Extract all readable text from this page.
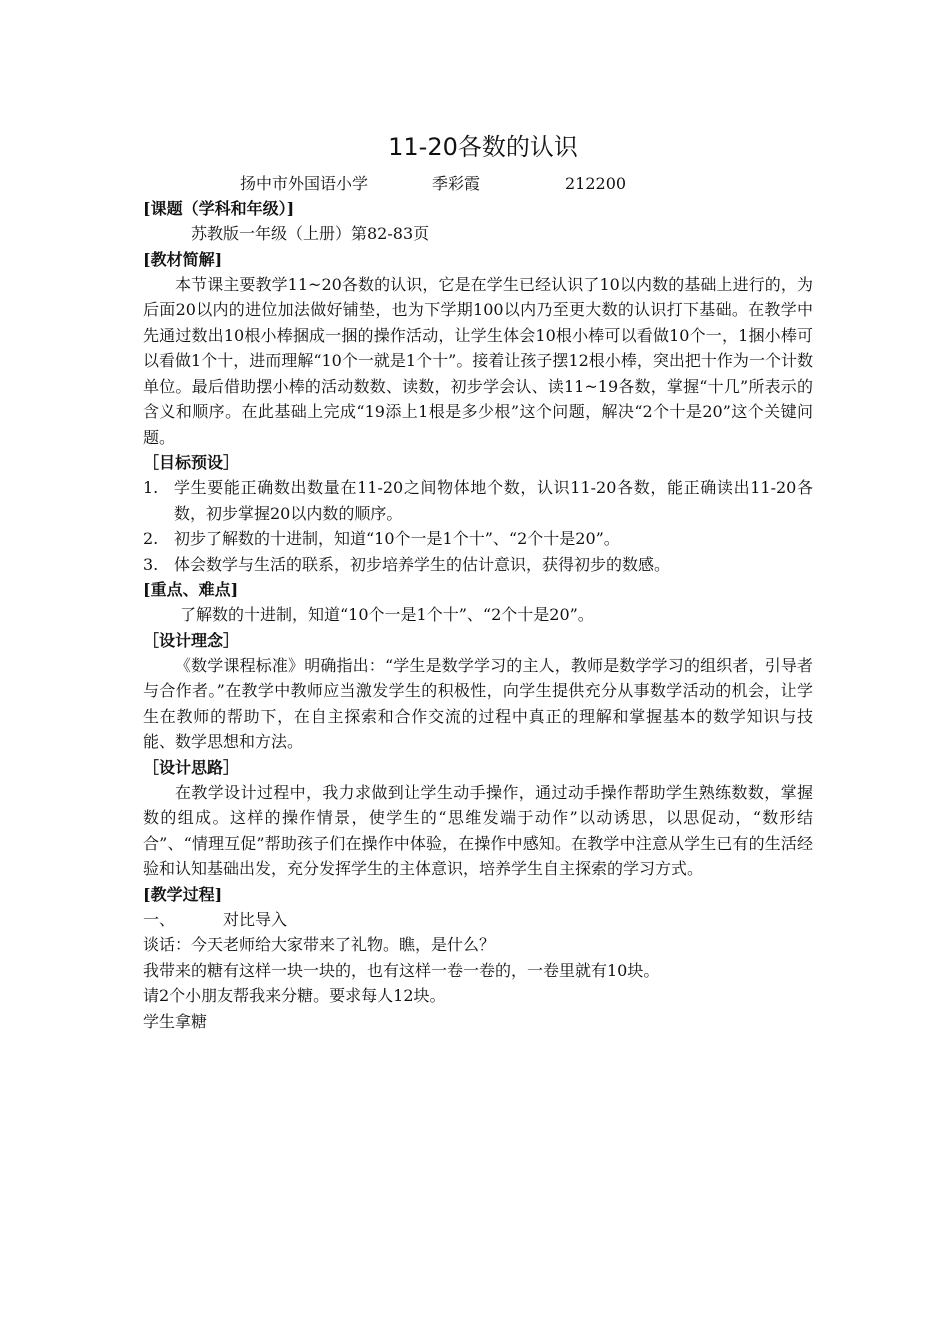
11-20各数的认识
扬中市外国语小学	季彩霞	212200
[课题（学科和年级）]
苏教版一年级（上册）第82-83页
[教材简解]

本节课主要教学11~20各数的认识，它是在学生已经认识了10以内数的基础上进行的，为后面20以内的进位加法做好铺垫，也为下学期100以内乃至更大数的认识打下基础。在教学中先通过数出10根小棒捆成一捆的操作活动，让学生体会10根小棒可以看做10个一，1捆小棒可以看做1个十，进而理解“10个一就是1个十”。接着让孩子摆12根小棒，突出把十作为一个计数单位。最后借助摆小棒的活动数数、读数，初步学会认、读11~19各数，掌握“十几”所表示的含义和顺序。在此基础上完成“19添上1根是多少根”这个问题，解决“2个十是20”这个关键问题。

［目标预设］
1. 学生要能正确数出数量在11-20之间物体地个数，认识11-20各数，能正确读出11-20各数，初步掌握20以内数的顺序。
2. 初步了解数的十进制，知道“10个一是1个十”、“2个十是20”。
3. 体会数学与生活的联系，初步培养学生的估计意识，获得初步的数感。
[重点、难点]
了解数的十进制，知道“10个一是1个十”、“2个十是20”。
［设计理念］

《数学课程标准》明确指出：“学生是数学学习的主人，教师是数学学习的组织者，引导者与合作者。”在教学中教师应当激发学生的积极性，向学生提供充分从事数学活动的机会，让学生在教师的帮助下，在自主探索和合作交流的过程中真正的理解和掌握基本的数学知识与技能、数学思想和方法。

［设计思路］

在教学设计过程中，我力求做到让学生动手操作，通过动手操作帮助学生熟练数数，掌握数的组成。这样的操作情景，使学生的“思维发端于动作”以动诱思，以思促动，“数形结合”、“情理互促”帮助孩子们在操作中体验，在操作中感知。在教学中注意从学生已有的生活经验和认知基础出发，充分发挥学生的主体意识，培养学生自主探索的学习方式。

[教学过程]
一、	对比导入
谈话：今天老师给大家带来了礼物。瞧，是什么？
我带来的糖有这样一块一块的，也有这样一卷一卷的，一卷里就有10块。
请2个小朋友帮我来分糖。要求每人12块。
学生拿糖
